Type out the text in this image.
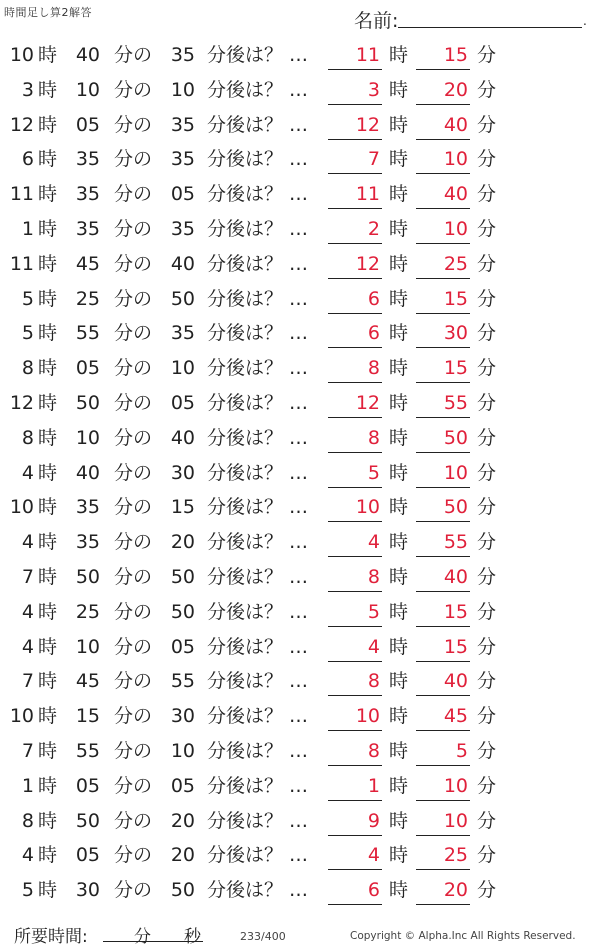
時間足し算2解答	名前:	.
10 時 40 分の 35 分後は？ …	11 時	15 分
3 時 10 分の 10 分後は？ …	3 時	20 分
12 時 05 分の 35 分後は？ …	12 時	40 分
6 時 35 分の 35 分後は？ …	7 時	10 分
11 時 35 分の 05 分後は？ …	11 時	40 分
1 時 35 分の 35 分後は？ …	2 時	10 分
11 時 45 分の 40 分後は？ …	12 時	25 分
5 時 25 分の 50 分後は？ …	6 時	15 分
5 時 55 分の 35 分後は？ …	6 時	30 分
8 時 05 分の 10 分後は？ …	8 時	15 分
12 時 50 分の 05 分後は？ …	12 時	55 分
8 時 10 分の 40 分後は？ …	8 時	50 分
4 時 40 分の 30 分後は？ …	5 時	10 分
10 時 35 分の 15 分後は？ …	10 時	50 分
4 時 35 分の 20 分後は？ …	4 時	55 分
7 時 50 分の 50 分後は？ …	8 時	40 分
4 時 25 分の 50 分後は？ …	5 時	15 分
4 時 10 分の 05 分後は？ …	4 時	15 分
7 時 45 分の 55 分後は？ …	8 時	40 分
10 時 15 分の 30 分後は？ …	10 時	45 分
7 時 55 分の 10 分後は？ …	8 時	5 分
1 時 05 分の 05 分後は？ …	1 時	10 分
8 時 50 分の 20 分後は？ …	9 時	10 分
4 時 05 分の 20 分後は？ …	4 時	25 分
5 時 30 分の 50 分後は？ …	6 時	20 分
所要時間:	分 秒	233/400	Copyright © Alpha.Inc All Rights Reserved.
